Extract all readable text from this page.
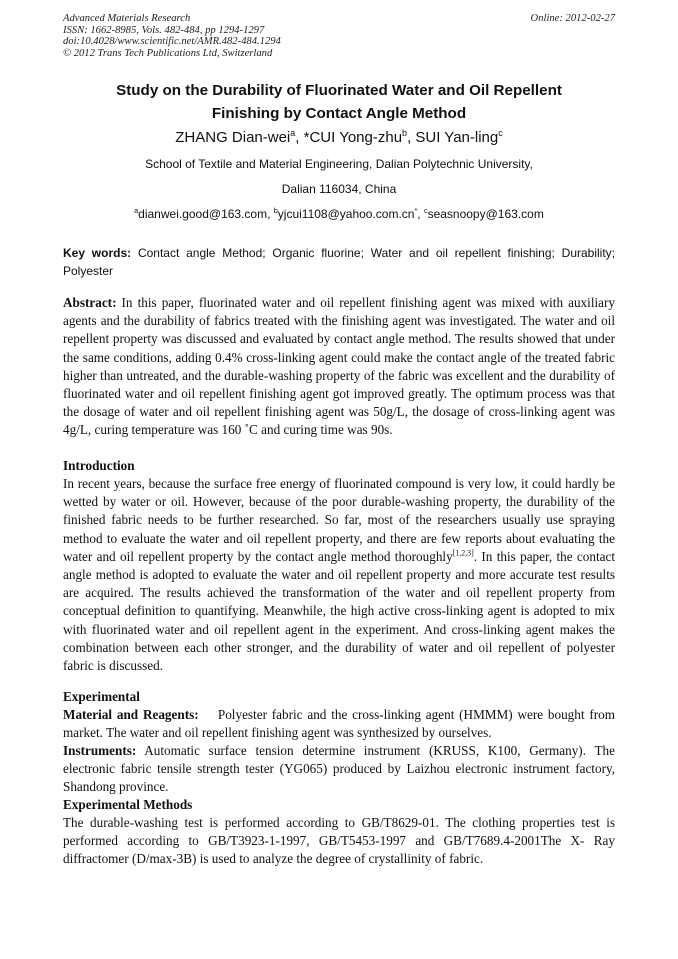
Advanced Materials Research
ISSN: 1662-8985, Vols. 482-484, pp 1294-1297
doi:10.4028/www.scientific.net/AMR.482-484.1294
© 2012 Trans Tech Publications Ltd, Switzerland
Online: 2012-02-27
Study on the Durability of Fluorinated Water and Oil Repellent
Finishing by Contact Angle Method
ZHANG Dian-wei$^a$, *CUI Yong-zhu$^b$, SUI Yan-ling$^c$
School of Textile and Material Engineering, Dalian Polytechnic University,
Dalian 116034, China
$^a$dianwei.good@163.com, $^b$yjcui1108@yahoo.com.cn*, $^c$seasnoopy@163.com
Key words: Contact angle Method; Organic fluorine; Water and oil repellent finishing; Durability; Polyester
Abstract: In this paper, fluorinated water and oil repellent finishing agent was mixed with auxiliary agents and the durability of fabrics treated with the finishing agent was investigated. The water and oil repellent property was discussed and evaluated by contact angle method. The results showed that under the same conditions, adding 0.4% cross-linking agent could make the contact angle of the treated fabric higher than untreated, and the durable-washing property of the fabric was excellent and the durability of fluorinated water and oil repellent finishing agent got improved greatly. The optimum process was that the dosage of water and oil repellent finishing agent was 50g/L, the dosage of cross-linking agent was 4g/L, curing temperature was 160 ˚C and curing time was 90s.
Introduction
In recent years, because the surface free energy of fluorinated compound is very low, it could hardly be wetted by water or oil. However, because of the poor durable-washing property, the durability of the finished fabric needs to be further researched. So far, most of the researchers usually use spraying method to evaluate the water and oil repellent property, and there are few reports about evaluating the water and oil repellent property by the contact angle method thoroughly[1,2,3]. In this paper, the contact angle method is adopted to evaluate the water and oil repellent property and more accurate test results are acquired. The results achieved the transformation of the water and oil repellent property from conceptual definition to quantifying. Meanwhile, the high active cross-linking agent is adopted to mix with fluorinated water and oil repellent agent in the experiment. And cross-linking agent makes the combination between each other stronger, and the durability of water and oil repellent of polyester fabric is discussed.
Experimental
Material and Reagents:    Polyester fabric and the cross-linking agent (HMMM) were bought from market. The water and oil repellent finishing agent was synthesized by ourselves.
Instruments: Automatic surface tension determine instrument (KRUSS, K100, Germany). The electronic fabric tensile strength tester (YG065) produced by Laizhou electronic instrument factory, Shandong province.
Experimental Methods
The durable-washing test is performed according to GB/T8629-01. The clothing properties test is performed according to GB/T3923-1-1997, GB/T5453-1997 and GB/T7689.4-2001The X- Ray diffractomer (D/max-3B) is used to analyze the degree of crystallinity of fabric.
